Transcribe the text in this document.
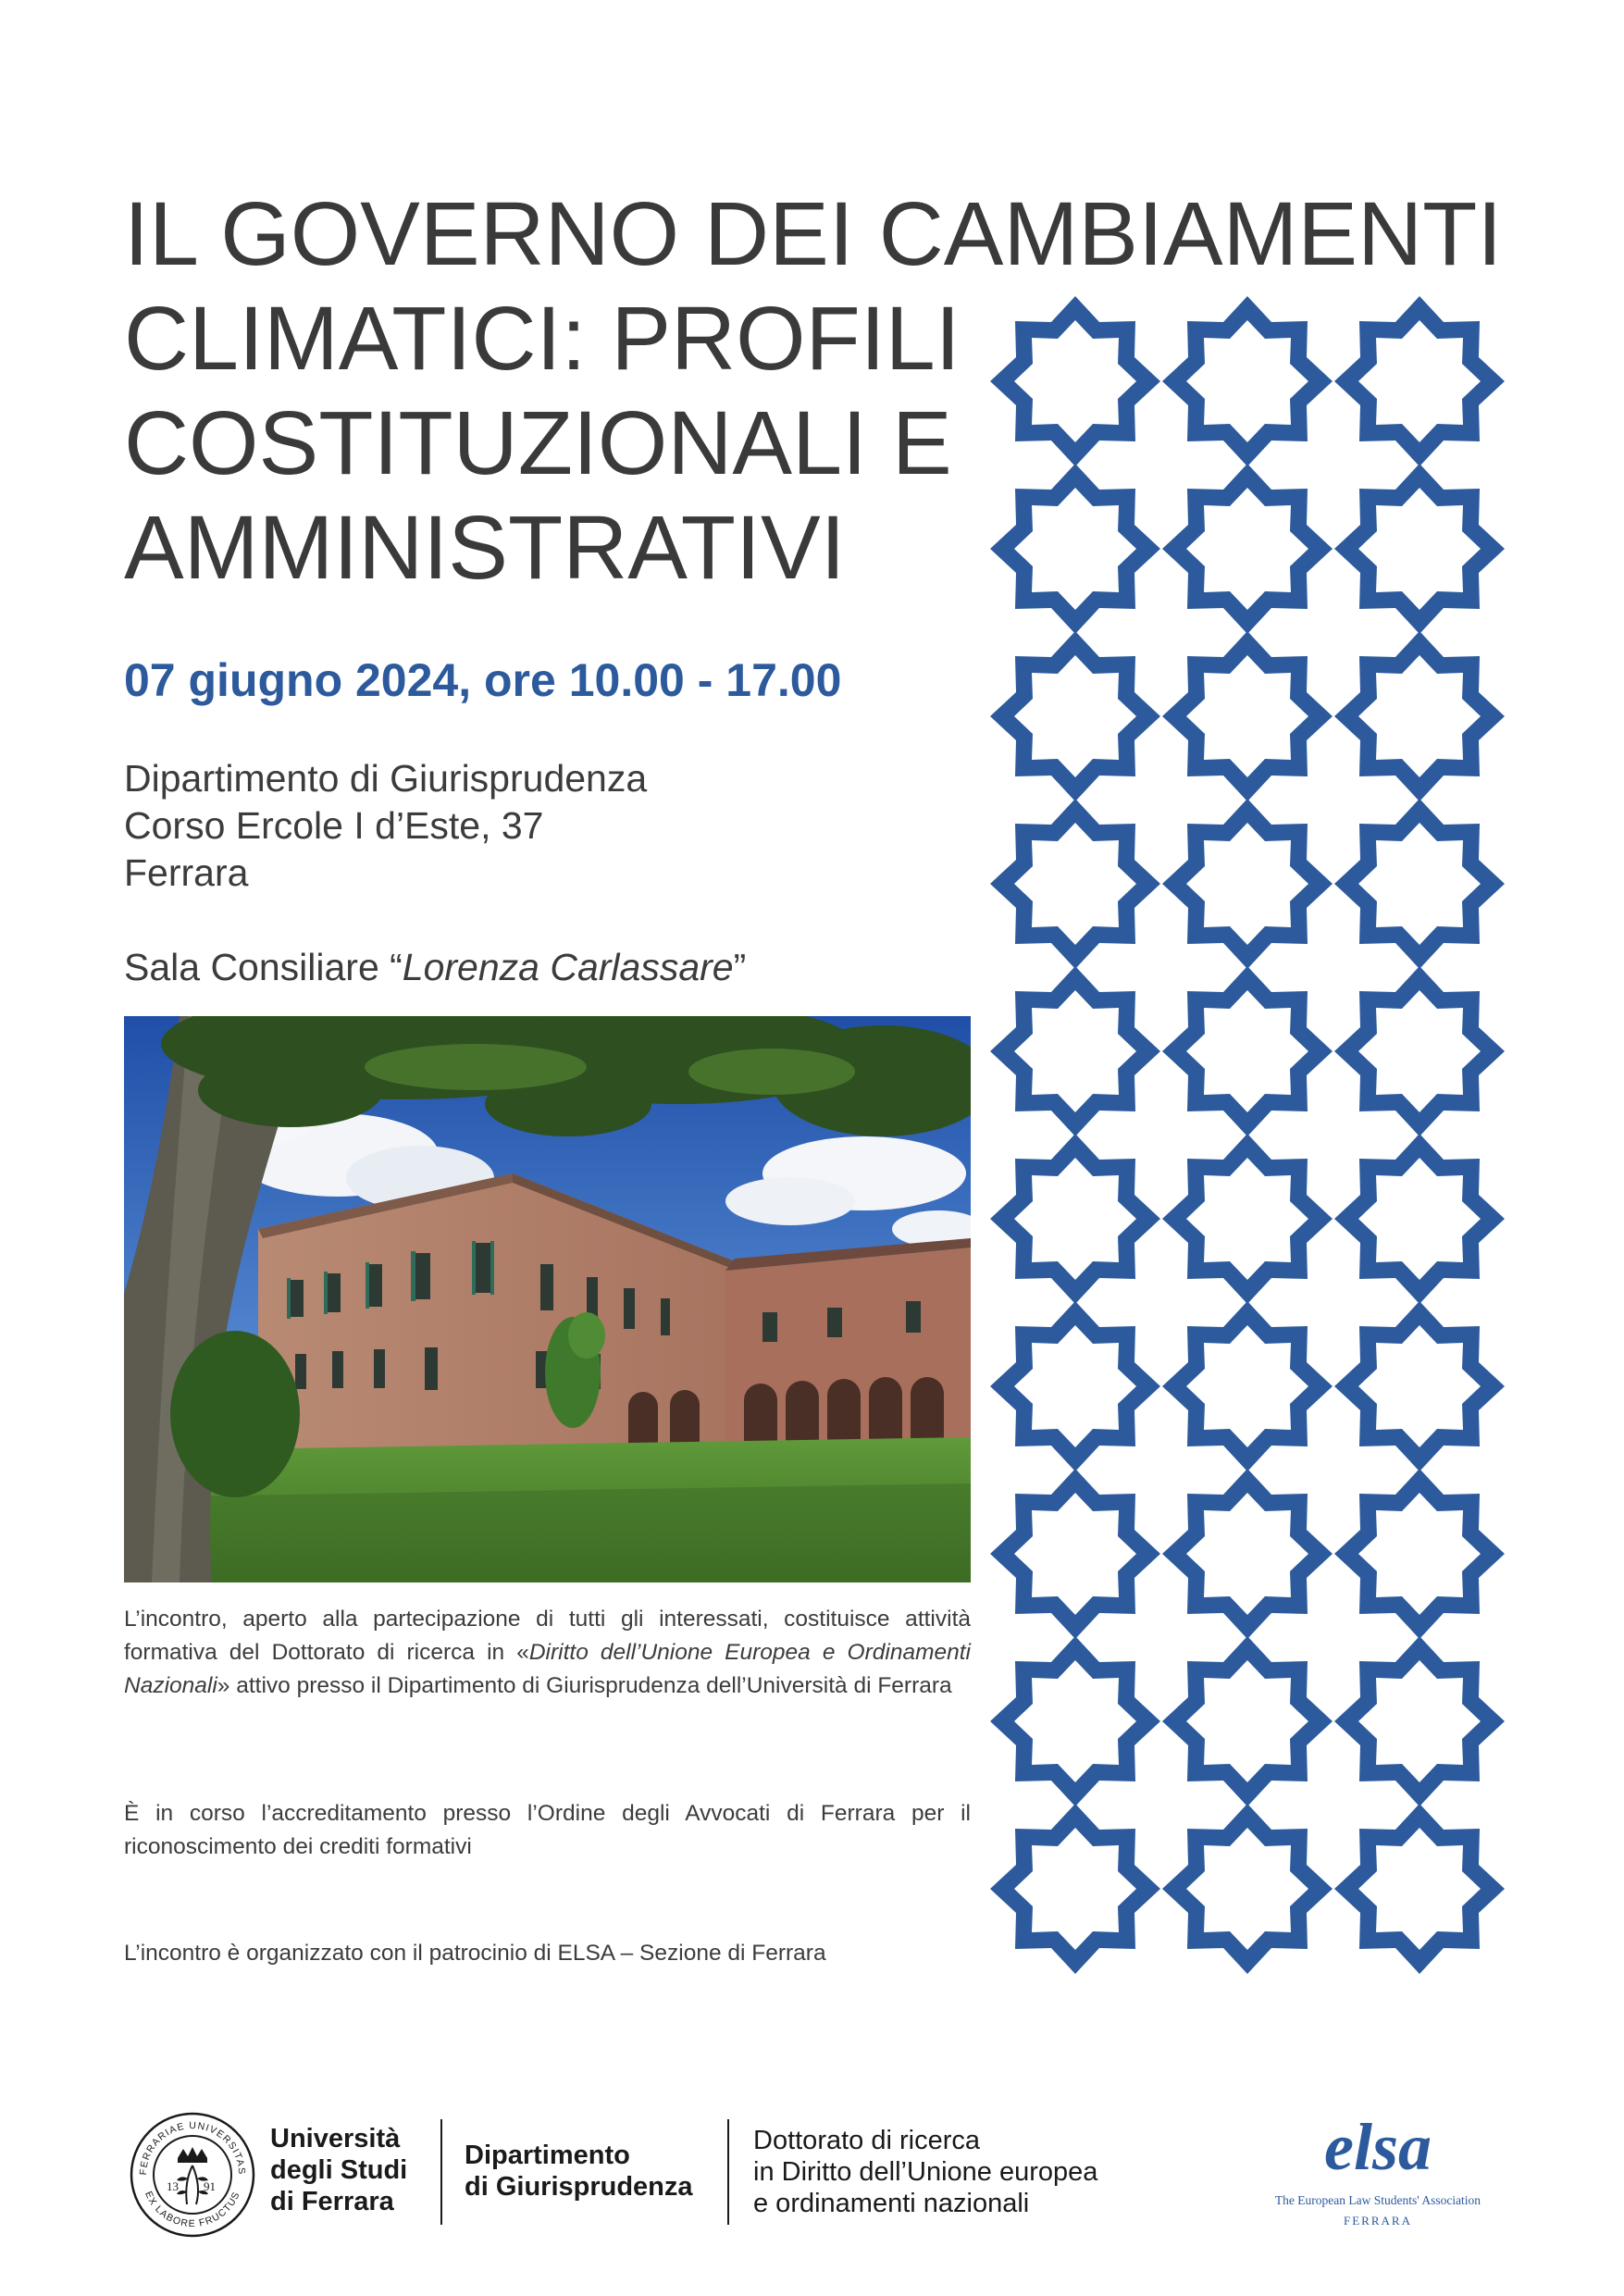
IL GOVERNO DEI CAMBIAMENTI
CLIMATICI: PROFILI
COSTITUZIONALI E
AMMINISTRATIVI

07 giugno 2024, ore 10.00 - 17.00

Dipartimento di Giurisprudenza
Corso Ercole I d’Este, 37
Ferrara
Sala Consiliare “Lorenza Carlassare”

L’incontro, aperto alla partecipazione di tutti gli interessati, costituisce attività formativa del Dottorato di ricerca in «Diritto dell’Unione Europea e Ordinamenti Nazionali» attivo presso il Dipartimento di Giurisprudenza dell’Università di Ferrara

È in corso l’accreditamento presso l’Ordine degli Avvocati di Ferrara per il riconoscimento dei crediti formativi

L’incontro è organizzato con il patrocinio di ELSA – Sezione di Ferrara

FERRARIAE UNIVERSITAS
EX LABORE FRUCTUS
13 91
Università
degli Studi
di Ferrara
Dipartimento
di Giurisprudenza
Dottorato di ricerca
in Diritto dell’Unione europea
e ordinamenti nazionali
elsa
The European Law Students' Association
FERRARA
